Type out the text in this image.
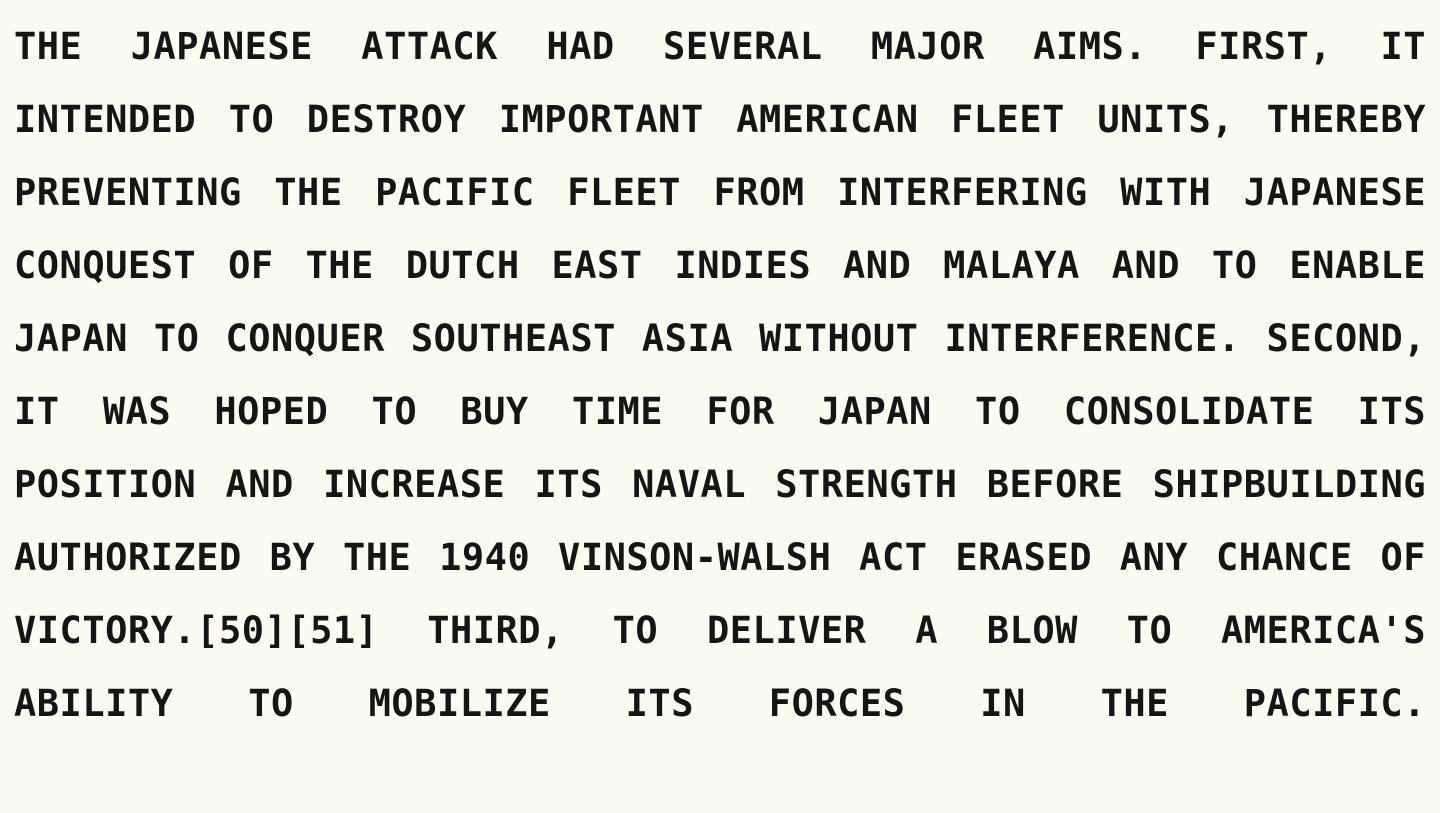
THE JAPANESE ATTACK HAD SEVERAL MAJOR AIMS. FIRST, IT INTENDED TO DESTROY IMPORTANT AMERICAN FLEET UNITS, THEREBY PREVENTING THE PACIFIC FLEET FROM INTERFERING WITH JAPANESE CONQUEST OF THE DUTCH EAST INDIES AND MALAYA AND TO ENABLE JAPAN TO CONQUER SOUTHEAST ASIA WITHOUT INTERFERENCE. SECOND, IT WAS HOPED TO BUY TIME FOR JAPAN TO CONSOLIDATE ITS POSITION AND INCREASE ITS NAVAL STRENGTH BEFORE SHIPBUILDING AUTHORIZED BY THE 1940 VINSON-WALSH ACT ERASED ANY CHANCE OF VICTORY.[50][51] THIRD, TO DELIVER A BLOW TO AMERICA'S ABILITY TO MOBILIZE ITS FORCES IN THE PACIFIC.
